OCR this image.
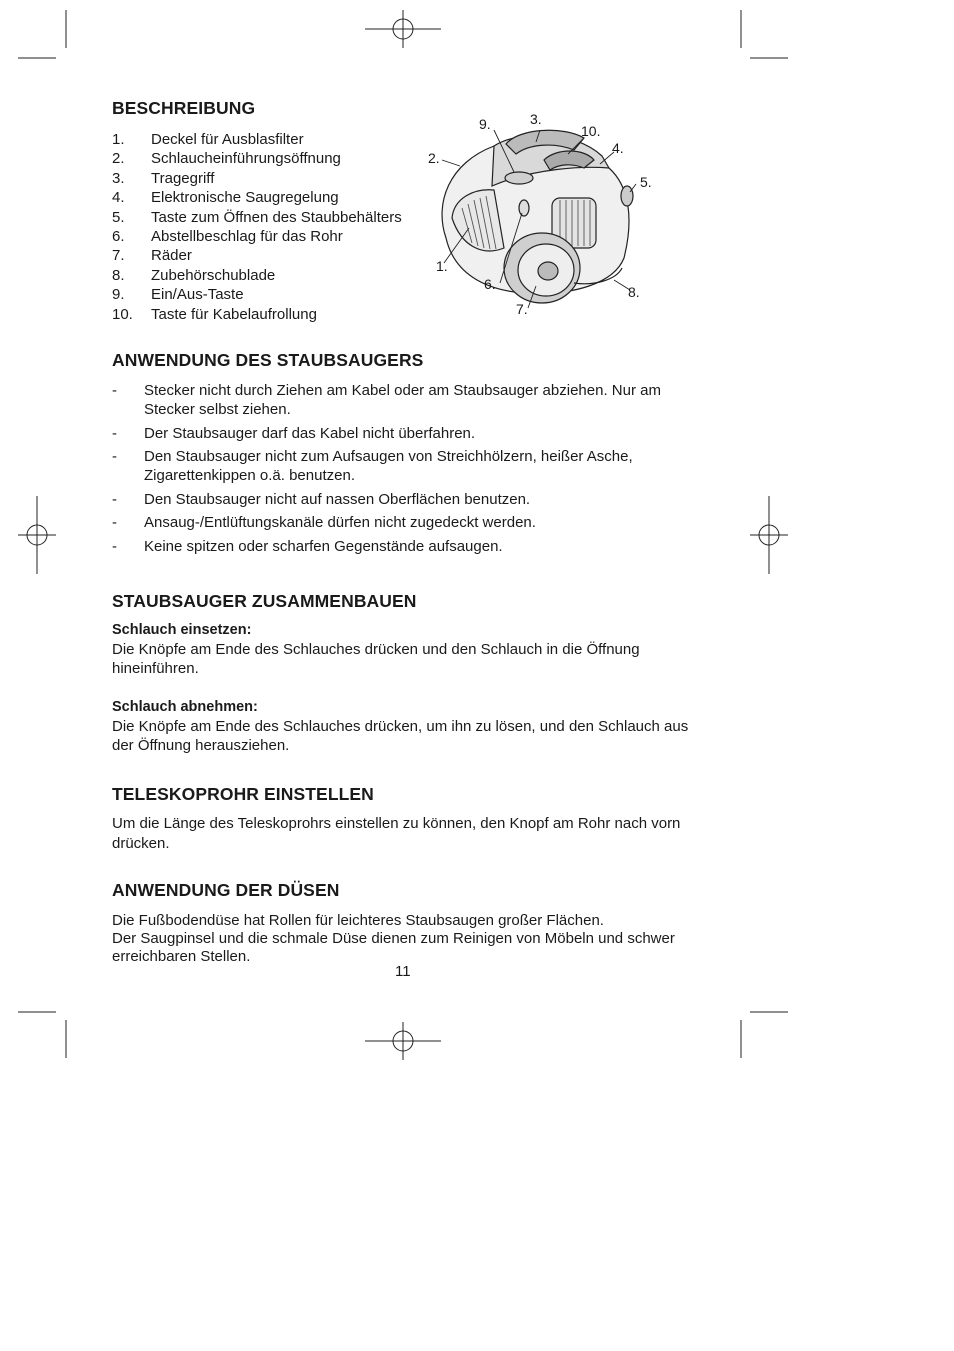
BESCHREIBUNG
1. Deckel für Ausblasfilter
2. Schlaucheinführungsöffnung
3. Tragegriff
4. Elektronische Saugregelung
5. Taste zum Öffnen des Staubbehälters
6. Abstellbeschlag für das Rohr
7. Räder
8. Zubehörschublade
9. Ein/Aus-Taste
10. Taste für Kabelaufrollung
1.
2.
3.
4.
5.
6.
7.
8.
9.	10.
ANWENDUNG DES STAUBSAUGERS
-	Stecker nicht durch Ziehen am Kabel oder am Staubsauger abziehen. Nur am Stecker selbst ziehen.
-	Der Staubsauger darf das Kabel nicht überfahren.
-	Den Staubsauger nicht zum Aufsaugen von Streichhölzern, heißer Asche, Zigarettenkippen o.ä. benutzen.
-	Den Staubsauger nicht auf nassen Oberflächen benutzen.
-	Ansaug-/Entlüftungskanäle dürfen nicht zugedeckt werden.
-	Keine spitzen oder scharfen Gegenstände aufsaugen.
STAUBSAUGER ZUSAMMENBAUEN
Schlauch einsetzen:
Die Knöpfe am Ende des Schlauches drücken und den Schlauch in die Öffnung hineinführen.
Schlauch abnehmen:
Die Knöpfe am Ende des Schlauches drücken, um ihn zu lösen, und den Schlauch aus der Öffnung herausziehen.
TELESKOPROHR EINSTELLEN
Um die Länge des Teleskoprohrs einstellen zu können, den Knopf am Rohr nach vorn drücken.
ANWENDUNG DER DÜSEN
Die Fußbodendüse hat Rollen für leichteres Staubsaugen großer Flächen.
Der Saugpinsel und die schmale Düse dienen zum Reinigen von Möbeln und schwer erreichbaren Stellen.
11
